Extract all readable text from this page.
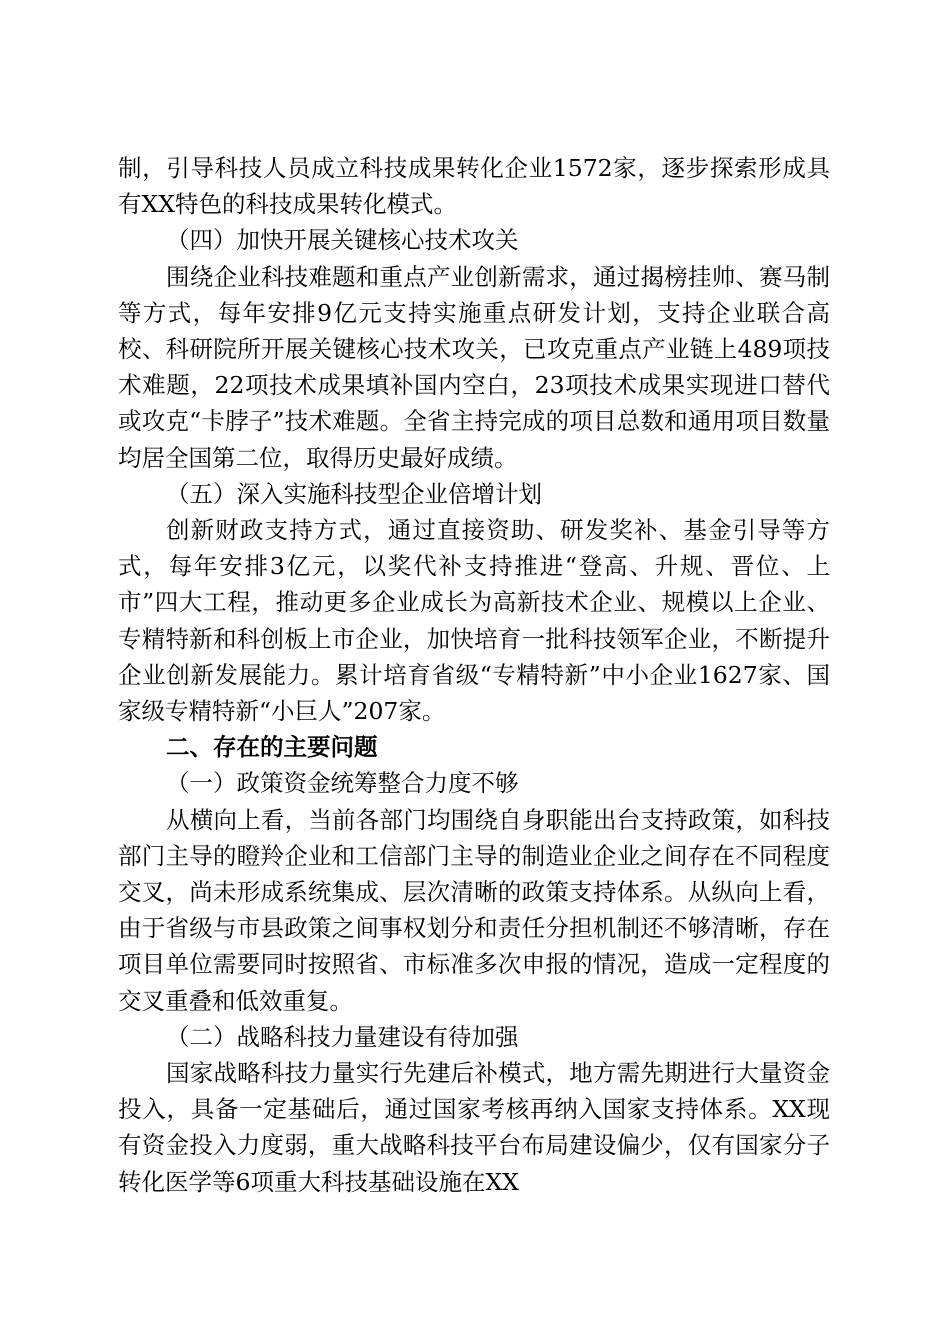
制，引导科技人员成立科技成果转化企业1572家，逐步探索形成具有XX特色的科技成果转化模式。

（四）加快开展关键核心技术攻关

围绕企业科技难题和重点产业创新需求，通过揭榜挂帅、赛马制等方式，每年安排9亿元支持实施重点研发计划，支持企业联合高校、科研院所开展关键核心技术攻关，已攻克重点产业链上489项技术难题，22项技术成果填补国内空白，23项技术成果实现进口替代或攻克“卡脖子”技术难题。全省主持完成的项目总数和通用项目数量均居全国第二位，取得历史最好成绩。

（五）深入实施科技型企业倍增计划

创新财政支持方式，通过直接资助、研发奖补、基金引导等方式，每年安排3亿元，以奖代补支持推进“登高、升规、晋位、上市”四大工程，推动更多企业成长为高新技术企业、规模以上企业、专精特新和科创板上市企业，加快培育一批科技领军企业，不断提升企业创新发展能力。累计培育省级“专精特新”中小企业1627家、国家级专精特新“小巨人”207家。

二、存在的主要问题

（一）政策资金统筹整合力度不够

从横向上看，当前各部门均围绕自身职能出台支持政策，如科技部门主导的瞪羚企业和工信部门主导的制造业企业之间存在不同程度交叉，尚未形成系统集成、层次清晰的政策支持体系。从纵向上看，由于省级与市县政策之间事权划分和责任分担机制还不够清晰，存在项目单位需要同时按照省、市标准多次申报的情况，造成一定程度的交叉重叠和低效重复。

（二）战略科技力量建设有待加强

国家战略科技力量实行先建后补模式，地方需先期进行大量资金投入，具备一定基础后，通过国家考核再纳入国家支持体系。XX现有资金投入力度弱，重大战略科技平台布局建设偏少，仅有国家分子转化医学等6项重大科技基础设施在XX
